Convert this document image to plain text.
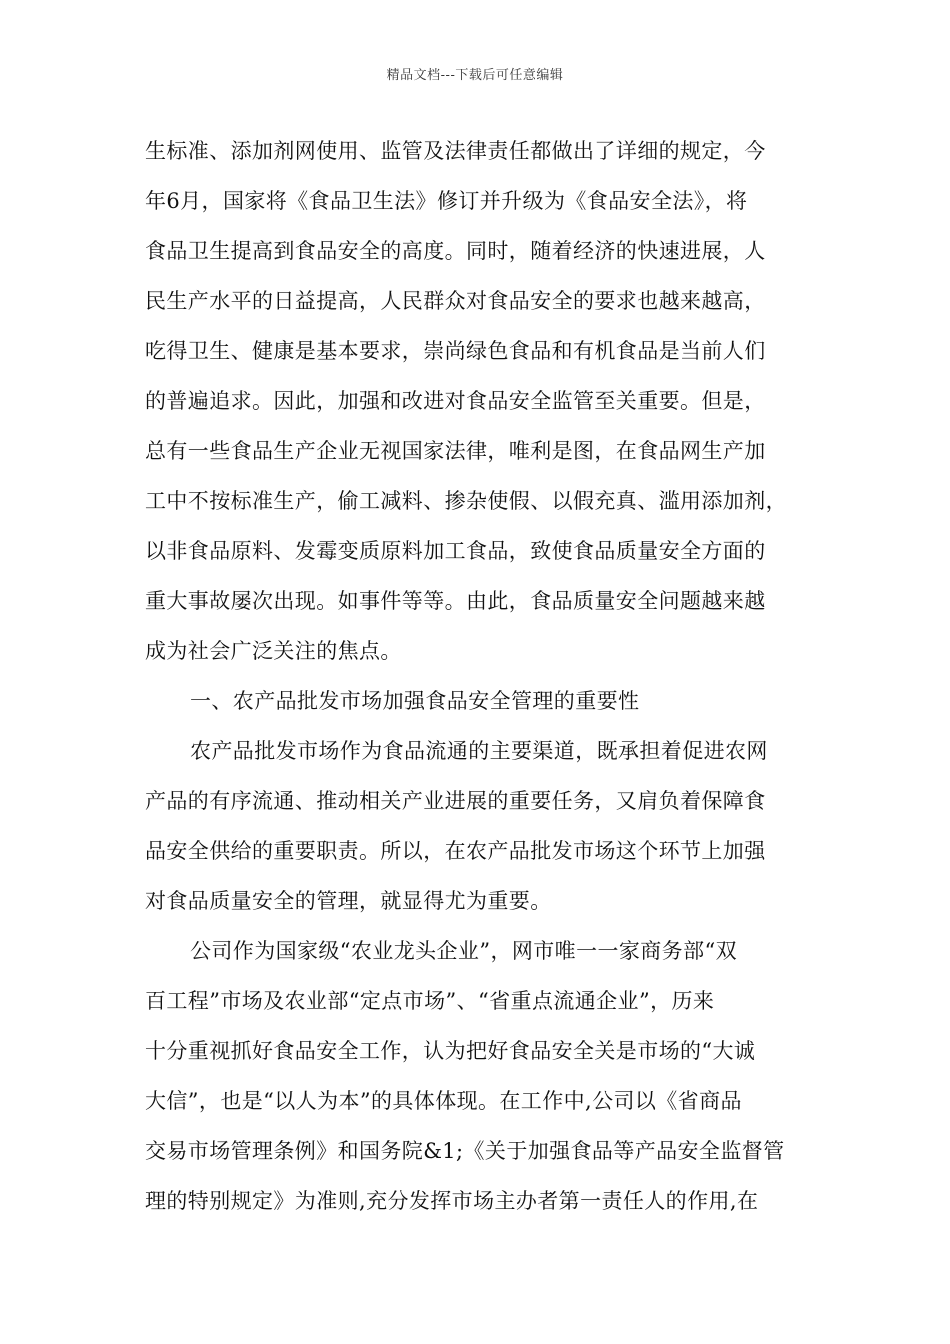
精品文档---下载后可任意编辑
生标准、添加剂网使用、监管及法律责任都做出了详细的规定，今
年6月，国家将《食品卫生法》修订并升级为《食品安全法》，将
食品卫生提高到食品安全的高度。同时，随着经济的快速进展，人
民生产水平的日益提高，人民群众对食品安全的要求也越来越高，
吃得卫生、健康是基本要求，崇尚绿色食品和有机食品是当前人们
的普遍追求。因此，加强和改进对食品安全监管至关重要。但是，
总有一些食品生产企业无视国家法律，唯利是图，在食品网生产加
工中不按标准生产，偷工减料、掺杂使假、以假充真、滥用添加剂，
以非食品原料、发霉变质原料加工食品，致使食品质量安全方面的
重大事故屡次出现。如事件等等。由此，食品质量安全问题越来越
成为社会广泛关注的焦点。
一、农产品批发市场加强食品安全管理的重要性
农产品批发市场作为食品流通的主要渠道，既承担着促进农网
产品的有序流通、推动相关产业进展的重要任务，又肩负着保障食
品安全供给的重要职责。所以，在农产品批发市场这个环节上加强
对食品质量安全的管理，就显得尤为重要。
公司作为国家级“农业龙头企业”，网市唯一一家商务部“双
百工程”市场及农业部“定点市场”、“省重点流通企业”，历来
十分重视抓好食品安全工作，认为把好食品安全关是市场的“大诚
大信”，也是“以人为本”的具体体现。在工作中,公司以《省商品
交易市场管理条例》和国务院&1;《关于加强食品等产品安全监督管
理的特别规定》为准则,充分发挥市场主办者第一责任人的作用,在
